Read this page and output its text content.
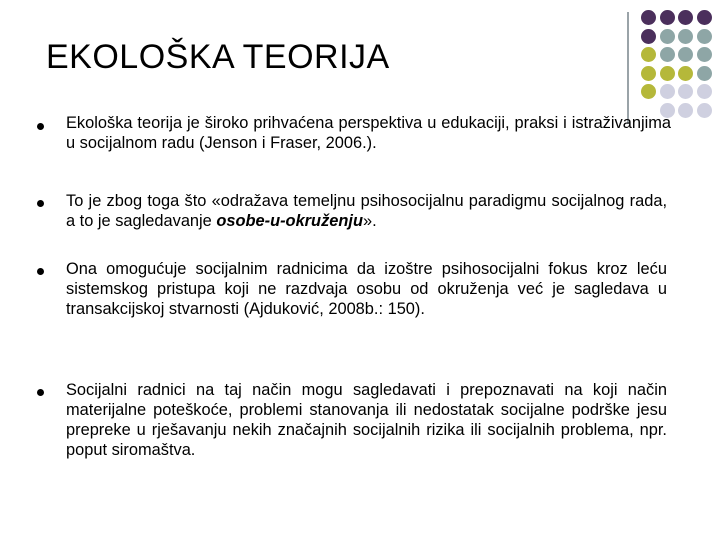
EKOLOŠKA TEORIJA
Ekološka teorija je široko prihvaćena perspektiva u edukaciji, praksi i istraživanjima u socijalnom radu (Jenson i Fraser, 2006.).
To je zbog toga što «odražava temeljnu psihosocijalnu paradigmu socijalnog rada, a to je sagledavanje osobe-u-okruženju».
Ona omogućuje socijalnim radnicima da izoštre psihosocijalni fokus kroz leću sistemskog pristupa koji ne razdvaja osobu od okruženja već je sagledava u transakcijskoj stvarnosti (Ajduković, 2008b.: 150).
Socijalni radnici na taj način mogu sagledavati i prepoznavati na koji način materijalne poteškoće, problemi stanovanja ili nedostatak socijalne podrške jesu prepreke u rješavanju nekih značajnih socijalnih rizika ili socijalnih problema, npr. poput siromaštva.
